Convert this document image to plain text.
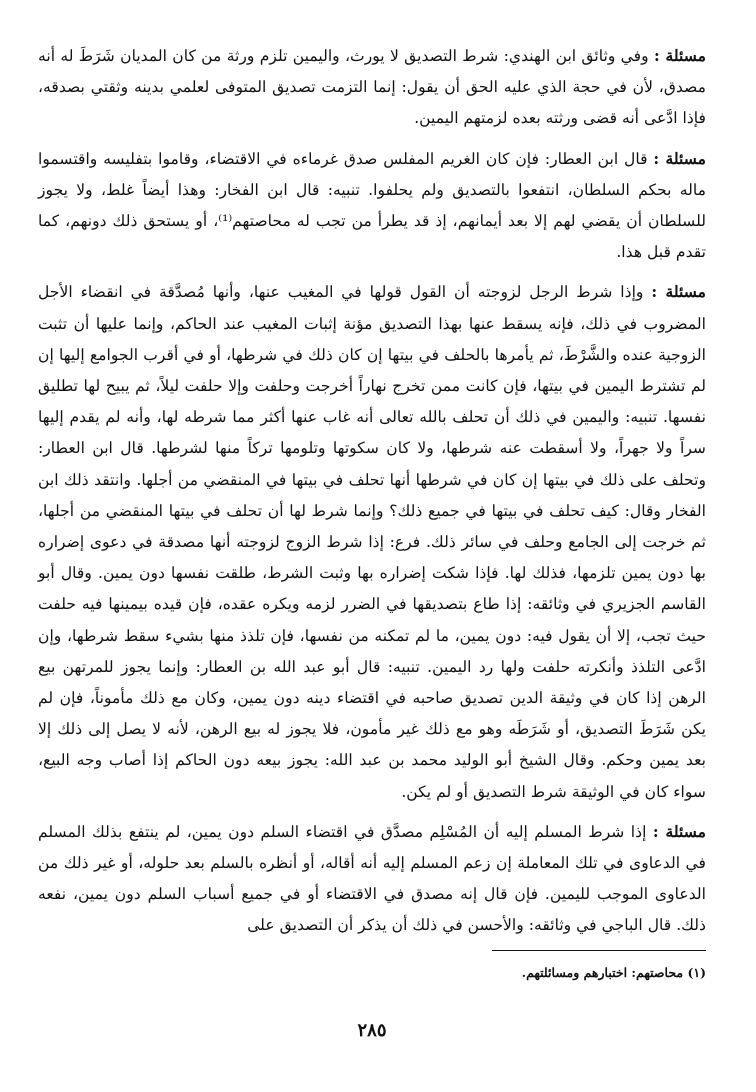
مسئلة : وفي وثائق ابن الهندي: شرط التصديق لا يورث، واليمين تلزم ورثة من كان المديان شَرَطَ له أنه مصدق، لأن في حجة الذي عليه الحق أن يقول: إنما التزمت تصديق المتوفى لعلمي بدينه وثقتي بصدقه، فإذا ادَّعى أنه قضى ورثته بعده لزمتهم اليمين.

مسئلة : قال ابن العطار: فإن كان الغريم المفلس صدق غرماءه في الاقتضاء، وقاموا بتفليسه واقتسموا ماله بحكم السلطان، انتفعوا بالتصديق ولم يحلفوا. تنبيه: قال ابن الفخار: وهذا أيضاً غلط، ولا يجوز للسلطان أن يقضي لهم إلا بعد أيمانهم، إذ قد يطرأ من تجب له محاصتهم⁽¹⁾، أو يستحق ذلك دونهم، كما تقدم قبل هذا.

مسئلة : وإذا شرط الرجل لزوجته أن القول قولها في المغيب عنها، وأنها مُصدَّقة في انقضاء الأجل المضروب في ذلك، فإنه يسقط عنها بهذا التصديق مؤنة إثبات المغيب عند الحاكم، وإنما عليها أن تثبت الزوجية عنده والشَّرْطَ، ثم يأمرها بالحلف في بيتها إن كان ذلك في شرطها، أو في أقرب الجوامع إليها إن لم تشترط اليمين في بيتها، فإن كانت ممن تخرج نهاراً أخرجت وحلفت وإلا حلفت ليلاً، ثم يبيح لها تطليق نفسها. تنبيه: واليمين في ذلك أن تحلف بالله تعالى أنه غاب عنها أكثر مما شرطه لها، وأنه لم يقدم إليها سراً ولا جهراً، ولا أسقطت عنه شرطها، ولا كان سكوتها وتلومها تركاً منها لشرطها. قال ابن العطار: وتحلف على ذلك في بيتها إن كان في شرطها أنها تحلف في بيتها في المنقضي من أجلها. وانتقد ذلك ابن الفخار وقال: كيف تحلف في بيتها في جميع ذلك؟ وإنما شرط لها أن تحلف في بيتها المنقضي من أجلها، ثم خرجت إلى الجامع وحلف في سائر ذلك. فرع: إذا شرط الزوج لزوجته أنها مصدقة في دعوى إضراره بها دون يمين تلزمها، فذلك لها. فإذا شكت إضراره بها وثبت الشرط، طلقت نفسها دون يمين. وقال أبو القاسم الجزيري في وثائقه: إذا طاع بتصديقها في الضرر لزمه ويكره عقده، فإن قيده بيمينها فيه حلفت حيث تجب، إلا أن يقول فيه: دون يمين، ما لم تمكنه من نفسها، فإن تلذذ منها بشيء سقط شرطها، وإن ادَّعى التلذذ وأنكرته حلفت ولها رد اليمين. تنبيه: قال أبو عبد الله بن العطار: وإنما يجوز للمرتهن بيع الرهن إذا كان في وثيقة الدين تصديق صاحبه في اقتضاء دينه دون يمين، وكان مع ذلك مأموناً، فإن لم يكن شَرَطَ التصديق، أو شَرَطَه وهو مع ذلك غير مأمون، فلا يجوز له بيع الرهن، لأنه لا يصل إلى ذلك إلا بعد يمين وحكم. وقال الشيخ أبو الوليد محمد بن عبد الله: يجوز بيعه دون الحاكم إذا أصاب وجه البيع، سواء كان في الوثيقة شرط التصديق أو لم يكن.

مسئلة : إذا شرط المسلم إليه أن المُسْلِم مصدَّق في اقتضاء السلم دون يمين، لم ينتفع بذلك المسلم في الدعاوى في تلك المعاملة إن زعم المسلم إليه أنه أقاله، أو أنظره بالسلم بعد حلوله، أو غير ذلك من الدعاوى الموجب لليمين. فإن قال إنه مصدق في الاقتضاء أو في جميع أسباب السلم دون يمين، نفعه ذلك. قال الباجي في وثائقه: والأحسن في ذلك أن يذكر أن التصديق على

(١) محاصتهم: اختبارهم ومسائلتهم.
٢٨٥
